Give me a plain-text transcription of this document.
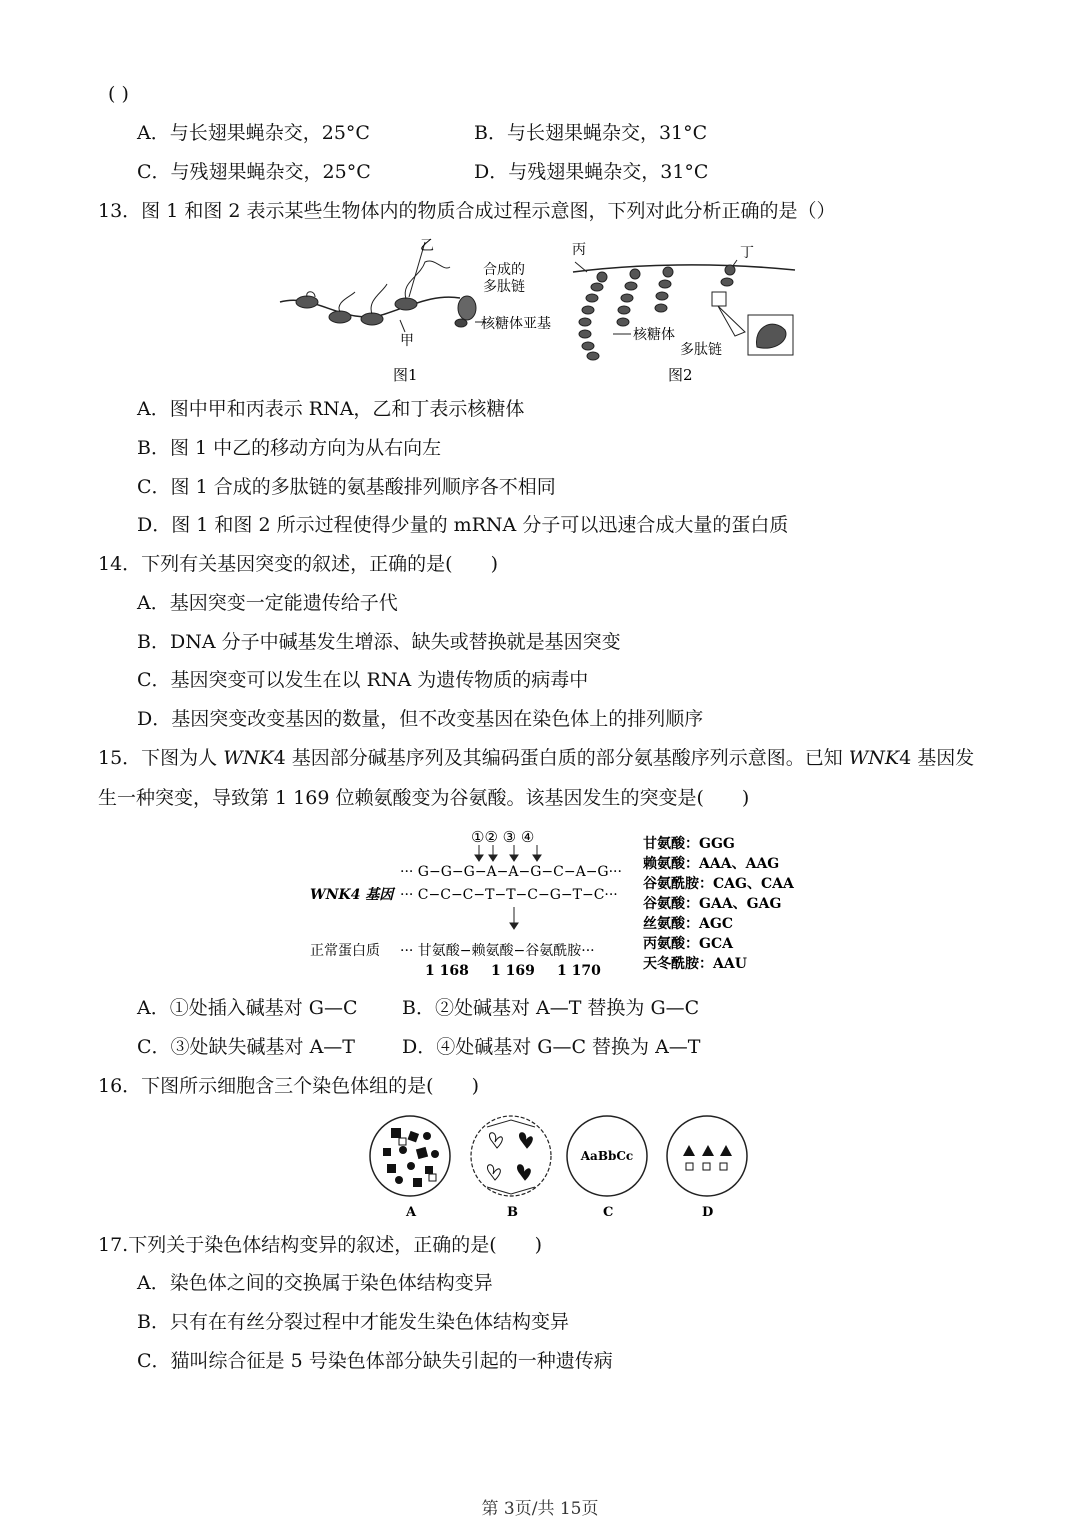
( )
A．与长翅果蝇杂交，25°C	B．与长翅果蝇杂交，31°C
C．与残翅果蝇杂交，25°C	D．与残翅果蝇杂交，31°C
13．图 1 和图 2 表示某些生物体内的物质合成过程示意图，下列对此分析正确的是（）
乙
甲
合成的
多肽链
核糖体亚基
图1
丙	丁
核糖体
多肽链
图2
A．图中甲和丙表示 RNA，乙和丁表示核糖体
B．图 1 中乙的移动方向为从右向左
C．图 1 合成的多肽链的氨基酸排列顺序各不相同
D．图 1 和图 2 所示过程使得少量的 mRNA 分子可以迅速合成大量的蛋白质
14．下列有关基因突变的叙述，正确的是(　　)
A．基因突变一定能遗传给子代
B．DNA 分子中碱基发生增添、缺失或替换就是基因突变
C．基因突变可以发生在以 RNA 为遗传物质的病毒中
D．基因突变改变基因的数量，但不改变基因在染色体上的排列顺序
15．下图为人 WNK4 基因部分碱基序列及其编码蛋白质的部分氨基酸序列示意图。已知 WNK4 基因发
生一种突变，导致第 1 169 位赖氨酸变为谷氨酸。该基因发生的突变是(　　)
①② ③ ④
··· G−G−G−A−A−G−C−A−G···
WNK4 基因 ··· C−C−C−T−T−C−G−T−C···
正常蛋白质 ··· 甘氨酸−赖氨酸−谷氨酰胺···
1 168 1 169 1 170
甘氨酸：GGG
赖氨酸：AAA、AAG
谷氨酰胺：CAG、CAA
谷氨酸：GAA、GAG
丝氨酸：AGC
丙氨酸：GCA
天冬酰胺：AAU
A．①处插入碱基对 G—C B．②处碱基对 A—T 替换为 G—C
C．③处缺失碱基对 A—T D．④处碱基对 G—C 替换为 A—T
16．下图所示细胞含三个染色体组的是(　　)
A	B
AaBbCc
C	D
17.下列关于染色体结构变异的叙述，正确的是(　　)
A．染色体之间的交换属于染色体结构变异
B．只有在有丝分裂过程中才能发生染色体结构变异
C．猫叫综合征是 5 号染色体部分缺失引起的一种遗传病
第 3页/共 15页
